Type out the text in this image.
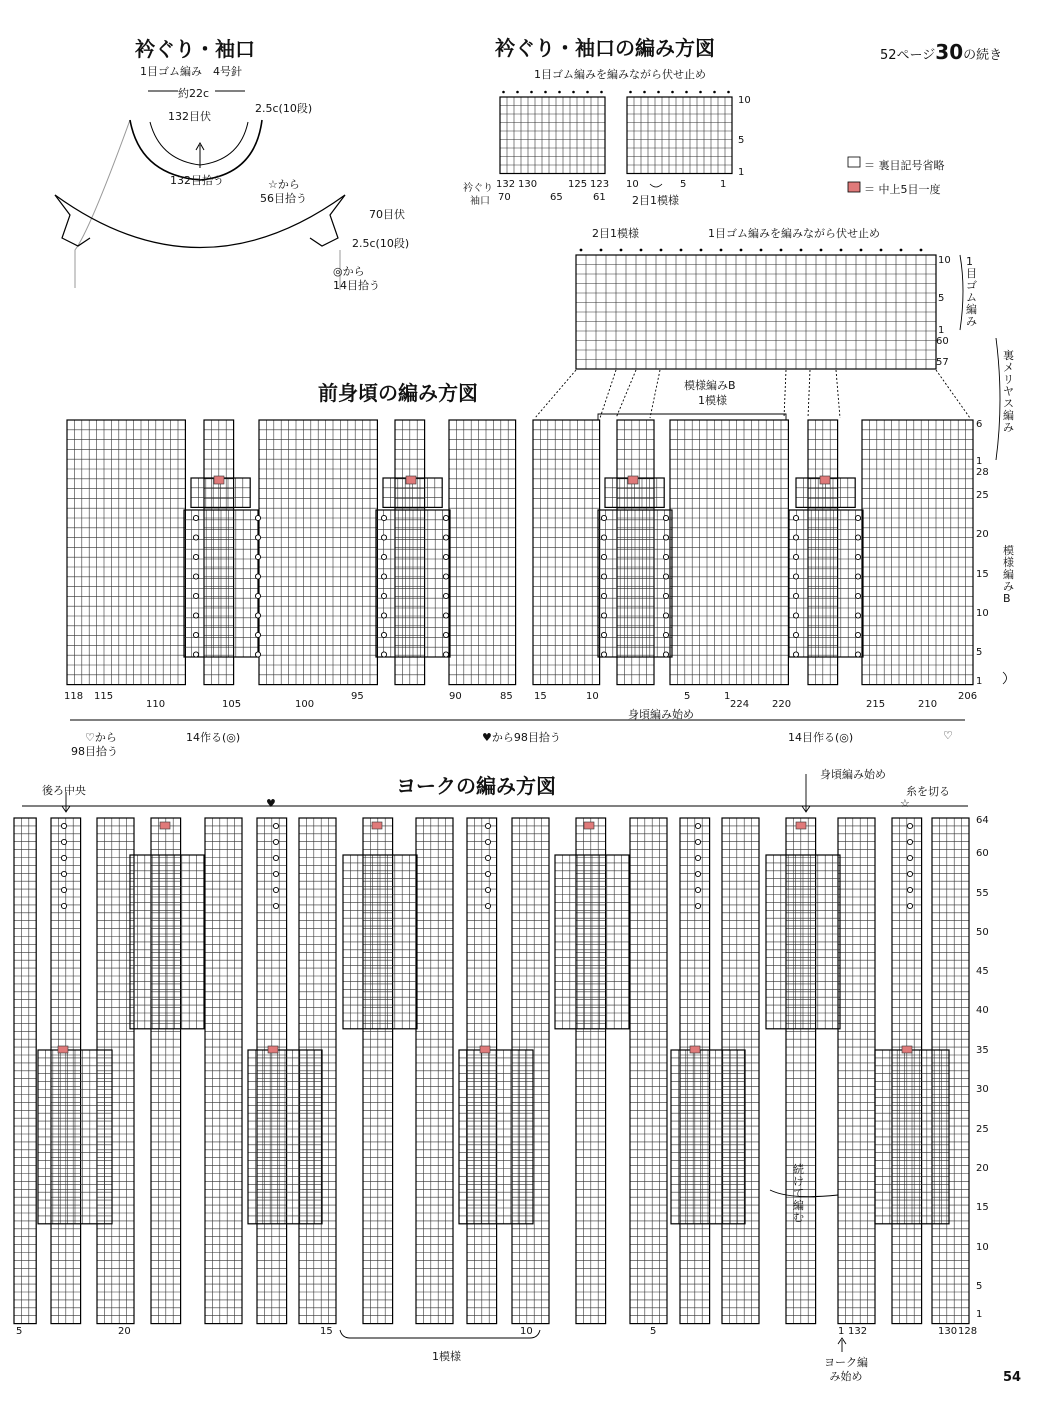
52ページ30の続き
54
衿ぐり・袖口
1目ゴム編み　4号針
約22c
132目伏
132目拾う
2.5c(10段)
☆から
56目拾う
70目伏
2.5c(10段)
◎から
14目拾う
衿ぐり・袖口の編み方図
1目ゴム編みを編みながら伏せ止め
10
5
1
衿ぐり
袖口
132 130	125 123
70	65	61
10	5	1
2目1模様
＝ 裏目記号省略
＝ 中上5目一度
2目1模様	1目ゴム編みを編みながら伏せ止め
10
5
1
60
57
1目ゴム編み
裏メリヤス編み
前身頃の編み方図	模様編みB
1模様
6
1
28
25
20
15
10
5
1
模様編みB
118 115
110	105	100
95	90	85 15	10	5	1
224 220	215	210
206
身頃編み始め
♡から
98目拾う
14作る(◎)	♥から98目拾う	14目作る(◎)	♡
ヨークの編み方図
後ろ中央
♥
身頃編み始め
糸を切る
☆
64
60
55
50
45
40
35
30
25
20
15
10
5
1
続けて編む
5	20	15	10	5	1 132	130 128
1模様	ヨーク編み始め
